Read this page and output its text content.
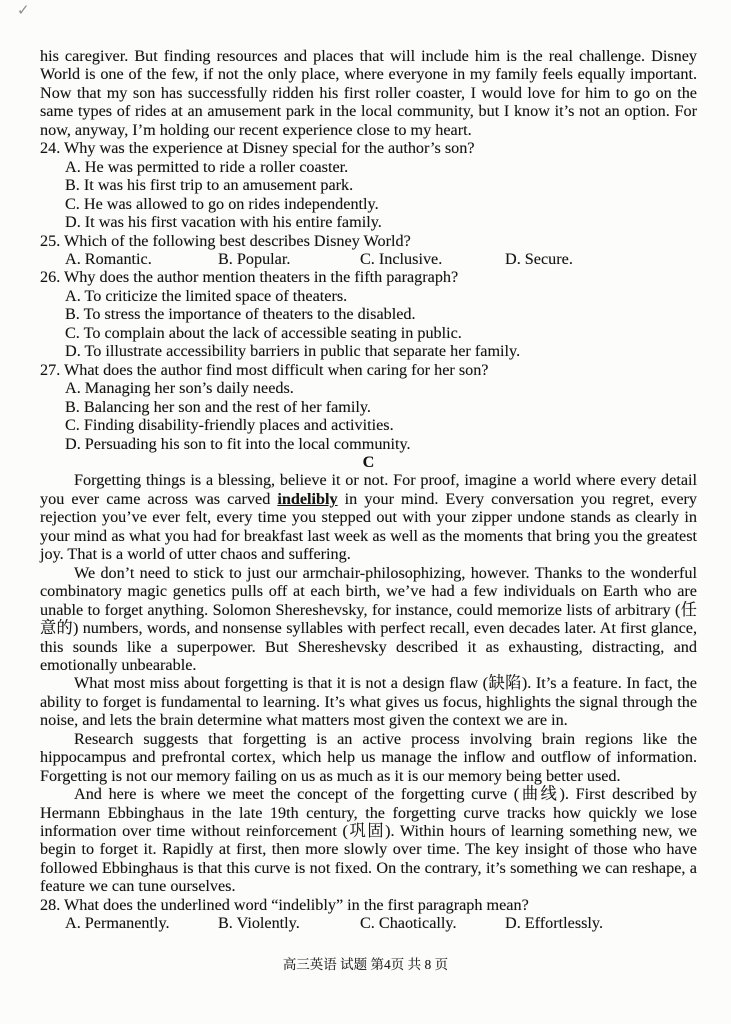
✓

his caregiver. But finding resources and places that will include him is the real challenge. Disney World is one of the few, if not the only place, where everyone in my family feels equally important. Now that my son has successfully ridden his first roller coaster, I would love for him to go on the same types of rides at an amusement park in the local community, but I know it’s not an option. For now, anyway, I’m holding our recent experience close to my heart.

24. Why was the experience at Disney special for the author’s son?

A. He was permitted to ride a roller coaster.

B. It was his first trip to an amusement park.

C. He was allowed to go on rides independently.

D. It was his first vacation with his entire family.

25. Which of the following best describes Disney World?

A. Romantic.	B. Popular.	C. Inclusive.	D. Secure.

26. Why does the author mention theaters in the fifth paragraph?

A. To criticize the limited space of theaters.

B. To stress the importance of theaters to the disabled.

C. To complain about the lack of accessible seating in public.

D. To illustrate accessibility barriers in public that separate her family.

27. What does the author find most difficult when caring for her son?

A. Managing her son’s daily needs.

B. Balancing her son and the rest of her family.

C. Finding disability-friendly places and activities.

D. Persuading his son to fit into the local community.

C

Forgetting things is a blessing, believe it or not. For proof, imagine a world where every detail you ever came across was carved indelibly in your mind. Every conversation you regret, every rejection you’ve ever felt, every time you stepped out with your zipper undone stands as clearly in your mind as what you had for breakfast last week as well as the moments that bring you the greatest joy. That is a world of utter chaos and suffering.

We don’t need to stick to just our armchair-philosophizing, however. Thanks to the wonderful combinatory magic genetics pulls off at each birth, we’ve had a few individuals on Earth who are unable to forget anything. Solomon Shereshevsky, for instance, could memorize lists of arbitrary (任意的) numbers, words, and nonsense syllables with perfect recall, even decades later. At first glance, this sounds like a superpower. But Shereshevsky described it as exhausting, distracting, and emotionally unbearable.

What most miss about forgetting is that it is not a design flaw (缺陷). It’s a feature. In fact, the ability to forget is fundamental to learning. It’s what gives us focus, highlights the signal through the noise, and lets the brain determine what matters most given the context we are in.

Research suggests that forgetting is an active process involving brain regions like the hippocampus and prefrontal cortex, which help us manage the inflow and outflow of information. Forgetting is not our memory failing on us as much as it is our memory being better used.

And here is where we meet the concept of the forgetting curve (曲线). First described by Hermann Ebbinghaus in the late 19th century, the forgetting curve tracks how quickly we lose information over time without reinforcement (巩固). Within hours of learning something new, we begin to forget it. Rapidly at first, then more slowly over time. The key insight of those who have followed Ebbinghaus is that this curve is not fixed. On the contrary, it’s something we can reshape, a feature we can tune ourselves.

28. What does the underlined word “indelibly” in the first paragraph mean?

A. Permanently.	B. Violently.	C. Chaotically.	D. Effortlessly.

高三英语 试题 第4页 共 8 页
